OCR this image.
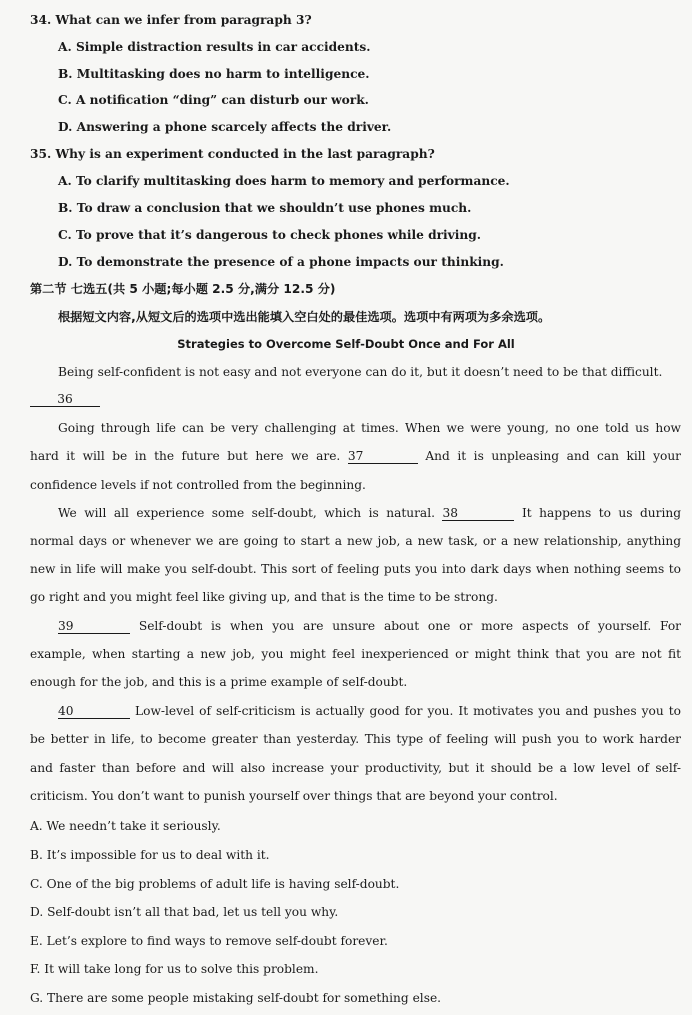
34. What can we infer from paragraph 3?
A. Simple distraction results in car accidents.
B. Multitasking does no harm to intelligence.
C. A notification “ding” can disturb our work.
D. Answering a phone scarcely affects the driver.
35. Why is an experiment conducted in the last paragraph?
A. To clarify multitasking does harm to memory and performance.
B. To draw a conclusion that we shouldn’t use phones much.
C. To prove that it’s dangerous to check phones while driving.
D. To demonstrate the presence of a phone impacts our thinking.
第二节 七选五(共 5 小题;每小题 2.5 分,满分 12.5 分)
根据短文内容,从短文后的选项中选出能填入空白处的最佳选项。选项中有两项为多余选项。
Strategies to Overcome Self-Doubt Once and For All
Being self-confident is not easy and not everyone can do it, but it doesn’t need to be that difficult.
36
Going through life can be very challenging at times. When we were young, no one told us how
hard it will be in the future but here we are. 37	And it is unpleasing and can kill your
confidence levels if not controlled from the beginning.
We will all experience some self-doubt, which is natural. 38	It happens to us during
normal days or whenever we are going to start a new job, a new task, or a new relationship, anything
new in life will make you self-doubt. This sort of feeling puts you into dark days when nothing seems to
go right and you might feel like giving up, and that is the time to be strong.
39	Self-doubt is when you are unsure about one or more aspects of yourself. For
example, when starting a new job, you might feel inexperienced or might think that you are not fit
enough for the job, and this is a prime example of self-doubt.
40	Low-level of self-criticism is actually good for you. It motivates you and pushes you to
be better in life, to become greater than yesterday. This type of feeling will push you to work harder
and faster than before and will also increase your productivity, but it should be a low level of self-
criticism. You don’t want to punish yourself over things that are beyond your control.
A. We needn’t take it seriously.
B. It’s impossible for us to deal with it.
C. One of the big problems of adult life is having self-doubt.
D. Self-doubt isn’t all that bad, let us tell you why.
E. Let’s explore to find ways to remove self-doubt forever.
F. It will take long for us to solve this problem.
G. There are some people mistaking self-doubt for something else.
